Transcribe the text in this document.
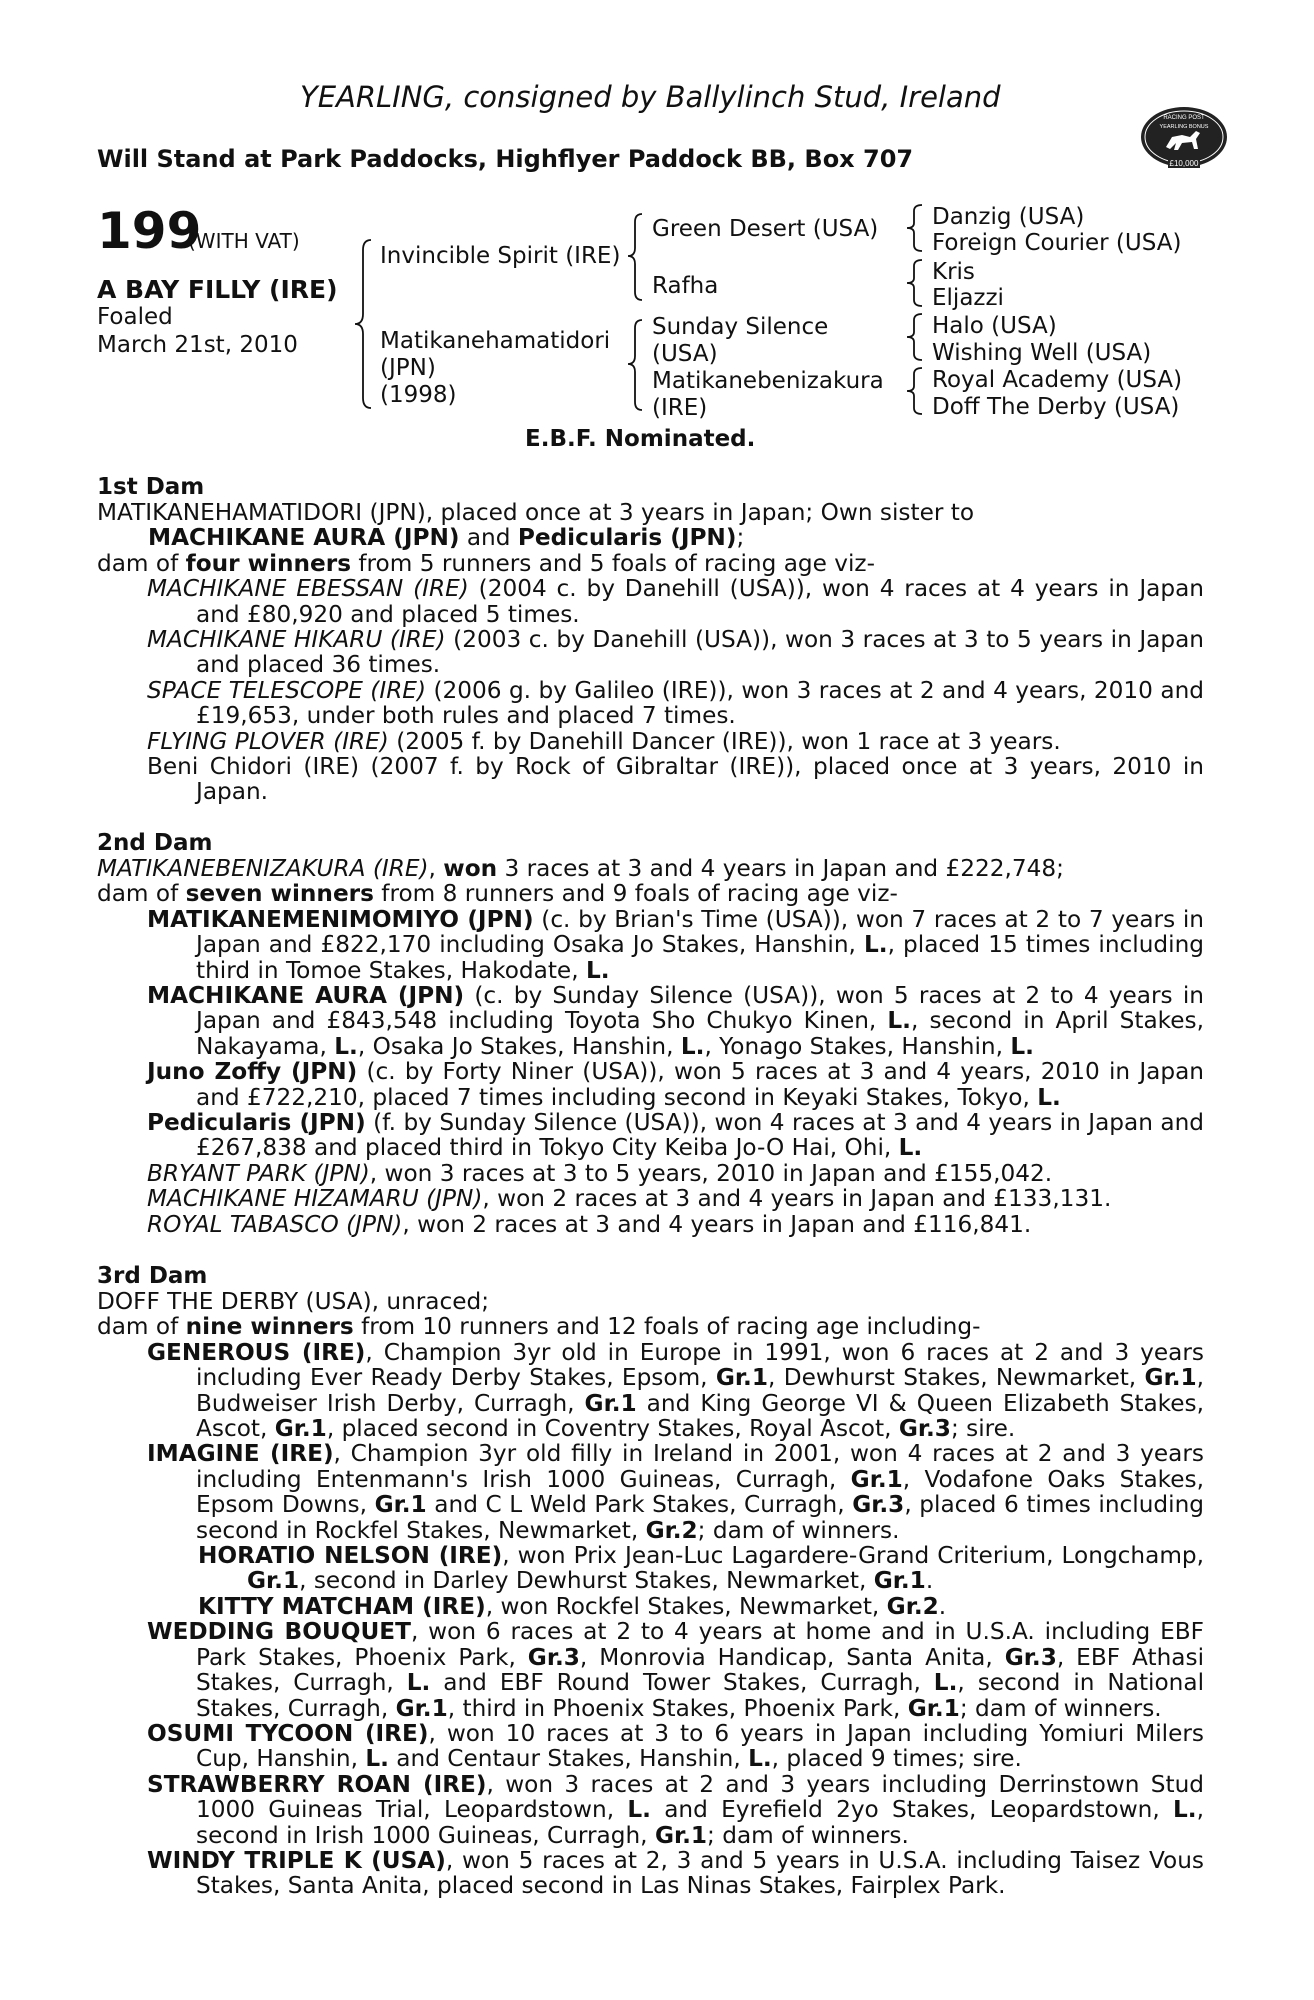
YEARLING, consigned by Ballylinch Stud, Ireland
Will Stand at Park Paddocks, Highflyer Paddock BB, Box 707
RACING POST
YEARLING BONUS
£10,000
199
(WITH VAT)
A BAY FILLY (IRE)
Foaled
March 21st, 2010
Invincible Spirit (IRE)
Matikanehamatidori
(JPN)
(1998)
Green Desert (USA)
Rafha
Sunday Silence
(USA)
Matikanebenizakura
(IRE)
Danzig (USA)
Foreign Courier (USA)
Kris
Eljazzi
Halo (USA)
Wishing Well (USA)
Royal Academy (USA)
Doff The Derby (USA)
E.B.F. Nominated.
1st Dam

MATIKANEHAMATIDORI (JPN), placed once at 3 years in Japan; Own sister to

MACHIKANE AURA (JPN) and Pedicularis (JPN);

dam of four winners from 5 runners and 5 foals of racing age viz-

MACHIKANE EBESSAN (IRE) (2004 c. by Danehill (USA)), won 4 races at 4 years in Japan and £80,920 and placed 5 times.

MACHIKANE HIKARU (IRE) (2003 c. by Danehill (USA)), won 3 races at 3 to 5 years in Japan and placed 36 times.

SPACE TELESCOPE (IRE) (2006 g. by Galileo (IRE)), won 3 races at 2 and 4 years, 2010 and £19,653, under both rules and placed 7 times.

FLYING PLOVER (IRE) (2005 f. by Danehill Dancer (IRE)), won 1 race at 3 years.

Beni Chidori (IRE) (2007 f. by Rock of Gibraltar (IRE)), placed once at 3 years, 2010 in Japan.

2nd Dam

MATIKANEBENIZAKURA (IRE), won 3 races at 3 and 4 years in Japan and £222,748;

dam of seven winners from 8 runners and 9 foals of racing age viz-

MATIKANEMENIMOMIYO (JPN) (c. by Brian's Time (USA)), won 7 races at 2 to 7 years in Japan and £822,170 including Osaka Jo Stakes, Hanshin, L., placed 15 times including third in Tomoe Stakes, Hakodate, L.

MACHIKANE AURA (JPN) (c. by Sunday Silence (USA)), won 5 races at 2 to 4 years in Japan and £843,548 including Toyota Sho Chukyo Kinen, L., second in April Stakes, Nakayama, L., Osaka Jo Stakes, Hanshin, L., Yonago Stakes, Hanshin, L.

Juno Zoffy (JPN) (c. by Forty Niner (USA)), won 5 races at 3 and 4 years, 2010 in Japan and £722,210, placed 7 times including second in Keyaki Stakes, Tokyo, L.

Pedicularis (JPN) (f. by Sunday Silence (USA)), won 4 races at 3 and 4 years in Japan and £267,838 and placed third in Tokyo City Keiba Jo-O Hai, Ohi, L.

BRYANT PARK (JPN), won 3 races at 3 to 5 years, 2010 in Japan and £155,042.

MACHIKANE HIZAMARU (JPN), won 2 races at 3 and 4 years in Japan and £133,131.

ROYAL TABASCO (JPN), won 2 races at 3 and 4 years in Japan and £116,841.

3rd Dam

DOFF THE DERBY (USA), unraced;

dam of nine winners from 10 runners and 12 foals of racing age including-

GENEROUS (IRE), Champion 3yr old in Europe in 1991, won 6 races at 2 and 3 years including Ever Ready Derby Stakes, Epsom, Gr.1, Dewhurst Stakes, Newmarket, Gr.1, Budweiser Irish Derby, Curragh, Gr.1 and King George VI & Queen Elizabeth Stakes, Ascot, Gr.1, placed second in Coventry Stakes, Royal Ascot, Gr.3; sire.

IMAGINE (IRE), Champion 3yr old filly in Ireland in 2001, won 4 races at 2 and 3 years including Entenmann's Irish 1000 Guineas, Curragh, Gr.1, Vodafone Oaks Stakes, Epsom Downs, Gr.1 and C L Weld Park Stakes, Curragh, Gr.3, placed 6 times including second in Rockfel Stakes, Newmarket, Gr.2; dam of winners.

HORATIO NELSON (IRE), won Prix Jean-Luc Lagardere-Grand Criterium, Longchamp, Gr.1, second in Darley Dewhurst Stakes, Newmarket, Gr.1.

KITTY MATCHAM (IRE), won Rockfel Stakes, Newmarket, Gr.2.

WEDDING BOUQUET, won 6 races at 2 to 4 years at home and in U.S.A. including EBF Park Stakes, Phoenix Park, Gr.3, Monrovia Handicap, Santa Anita, Gr.3, EBF Athasi Stakes, Curragh, L. and EBF Round Tower Stakes, Curragh, L., second in National Stakes, Curragh, Gr.1, third in Phoenix Stakes, Phoenix Park, Gr.1; dam of winners.

OSUMI TYCOON (IRE), won 10 races at 3 to 6 years in Japan including Yomiuri Milers Cup, Hanshin, L. and Centaur Stakes, Hanshin, L., placed 9 times; sire.

STRAWBERRY ROAN (IRE), won 3 races at 2 and 3 years including Derrinstown Stud 1000 Guineas Trial, Leopardstown, L. and Eyrefield 2yo Stakes, Leopardstown, L., second in Irish 1000 Guineas, Curragh, Gr.1; dam of winners.

WINDY TRIPLE K (USA), won 5 races at 2, 3 and 5 years in U.S.A. including Taisez Vous Stakes, Santa Anita, placed second in Las Ninas Stakes, Fairplex Park.
